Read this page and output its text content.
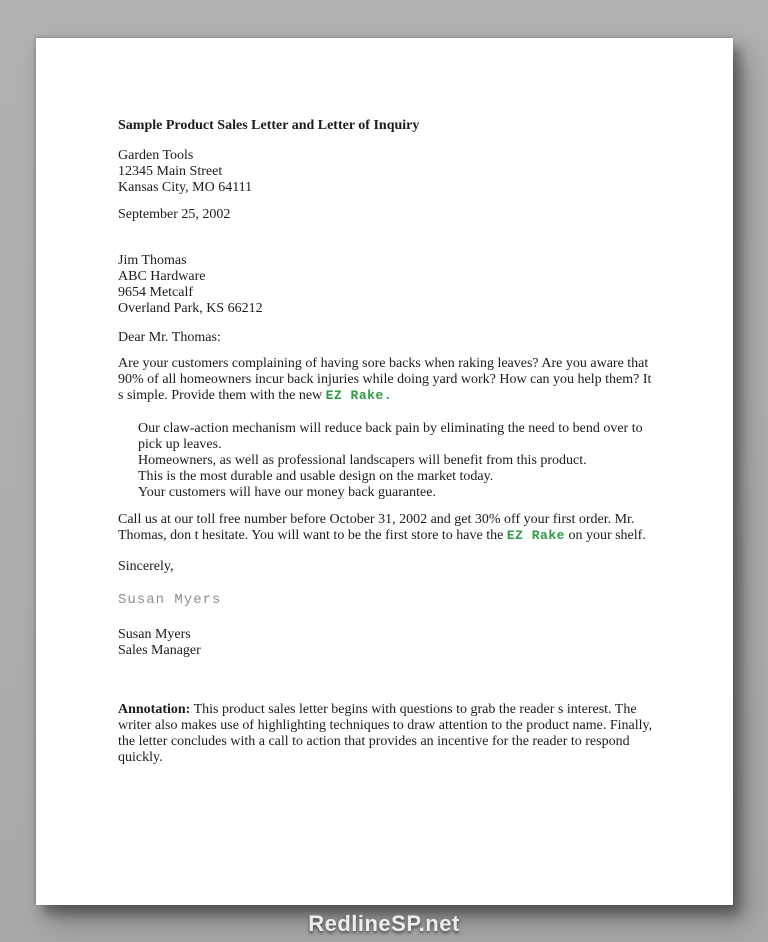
Sample Product Sales Letter and Letter of Inquiry

Garden Tools
12345 Main Street
Kansas City, MO 64111
September 25, 2002
Jim Thomas
ABC Hardware
9654 Metcalf
Overland Park, KS 66212
Dear Mr. Thomas:

Are your customers complaining of having sore backs when raking leaves? Are you aware that 90% of all homeowners incur back injuries while doing yard work? How can you help them? It s simple. Provide them with the new EZ Rake.

Our claw-action mechanism will reduce back pain by eliminating the need to bend over to pick up leaves.
Homeowners, as well as professional landscapers will benefit from this product.
This is the most durable and usable design on the market today.
Your customers will have our money back guarantee.

Call us at our toll free number before October 31, 2002 and get 30% off your first order. Mr. Thomas, don t hesitate. You will want to be the first store to have the EZ Rake on your shelf.

Sincerely,
Susan Myers
Susan Myers
Sales Manager

Annotation: This product sales letter begins with questions to grab the reader s interest. The writer also makes use of highlighting techniques to draw attention to the product name. Finally, the letter concludes with a call to action that provides an incentive for the reader to respond quickly.

RedlineSP.net
